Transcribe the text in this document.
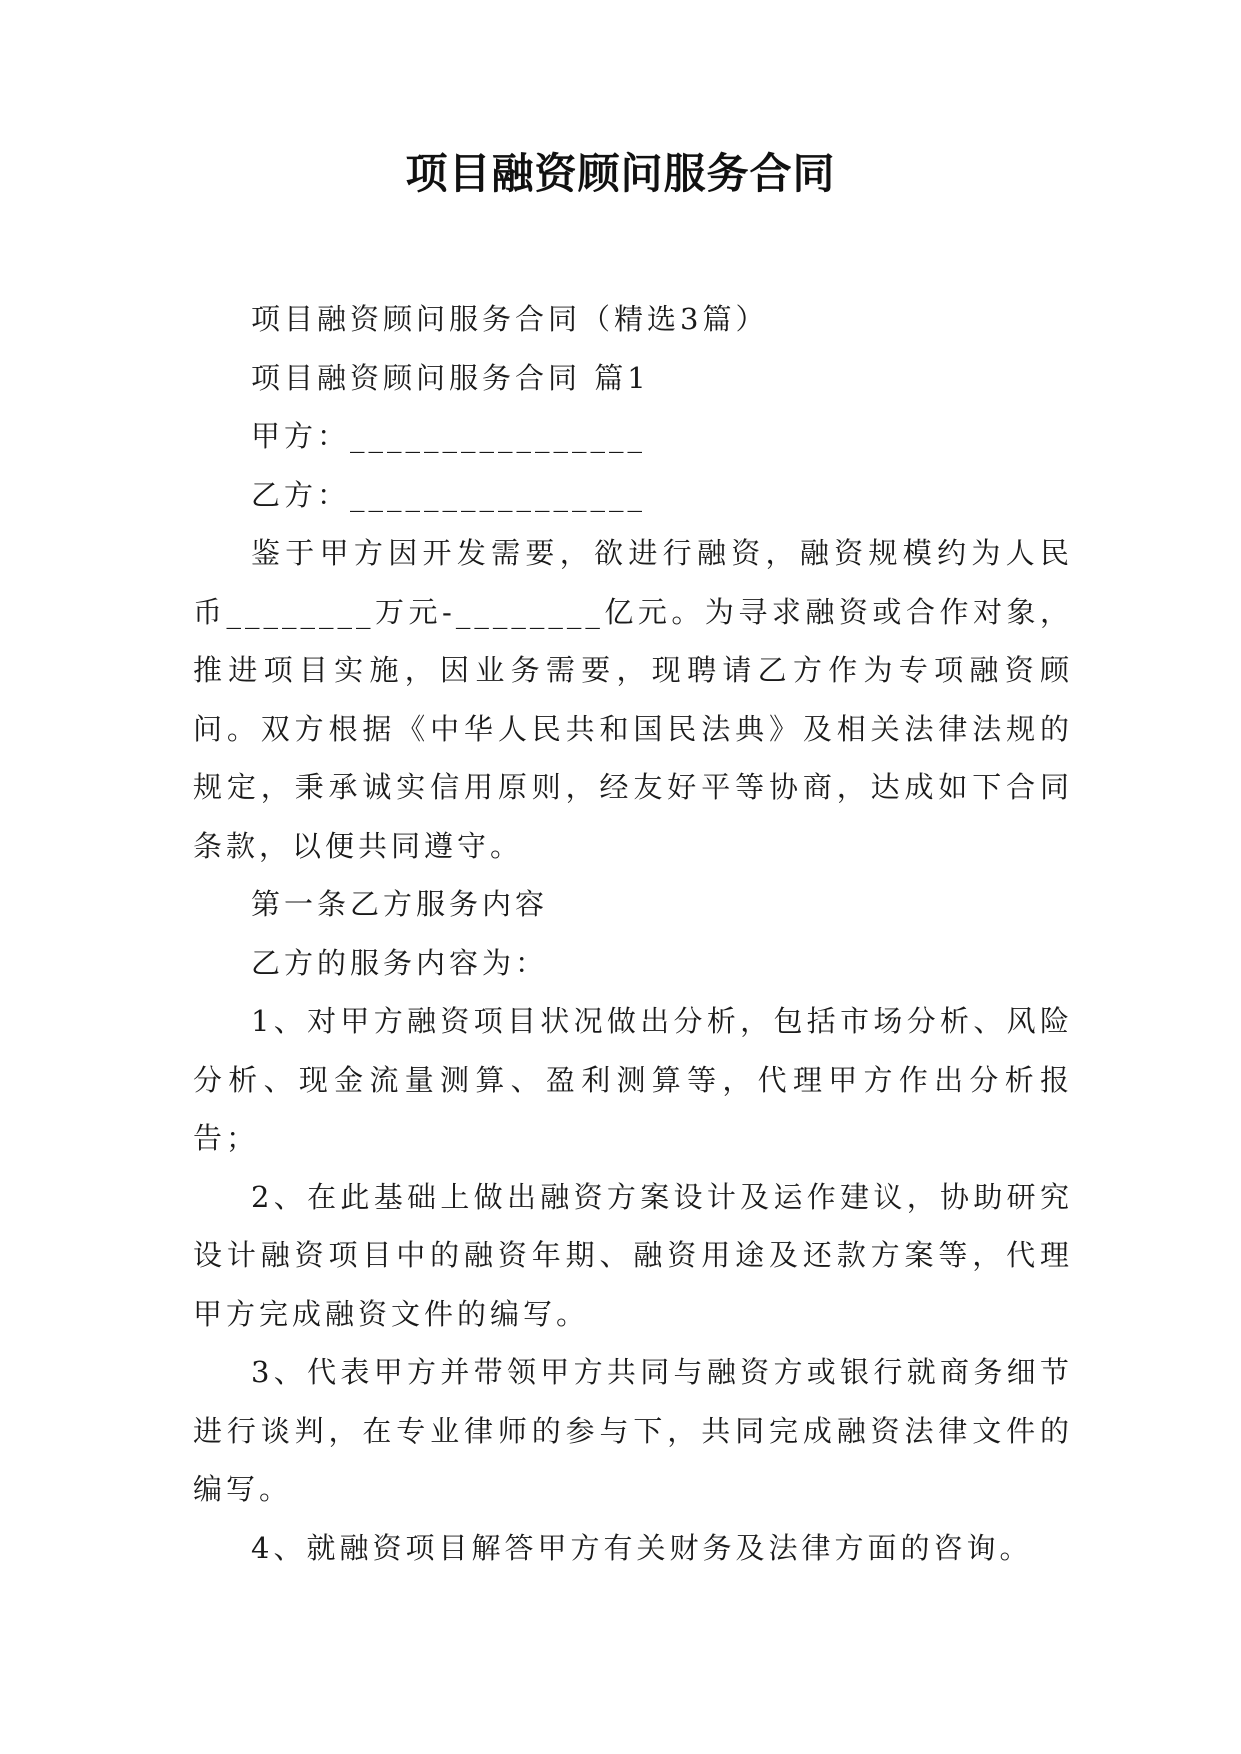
项目融资顾问服务合同

项目融资顾问服务合同（精选3篇）

项目融资顾问服务合同 篇1

甲方：________________

乙方：________________

鉴于甲方因开发需要，欲进行融资，融资规模约为人民币________万元-________亿元。为寻求融资或合作对象，推进项目实施，因业务需要，现聘请乙方作为专项融资顾问。双方根据《中华人民共和国民法典》及相关法律法规的规定，秉承诚实信用原则，经友好平等协商，达成如下合同条款，以便共同遵守。

第一条乙方服务内容

乙方的服务内容为：

1、对甲方融资项目状况做出分析，包括市场分析、风险分析、现金流量测算、盈利测算等，代理甲方作出分析报告；

2、在此基础上做出融资方案设计及运作建议，协助研究设计融资项目中的融资年期、融资用途及还款方案等，代理甲方完成融资文件的编写。

3、代表甲方并带领甲方共同与融资方或银行就商务细节进行谈判，在专业律师的参与下，共同完成融资法律文件的编写。

4、就融资项目解答甲方有关财务及法律方面的咨询。
